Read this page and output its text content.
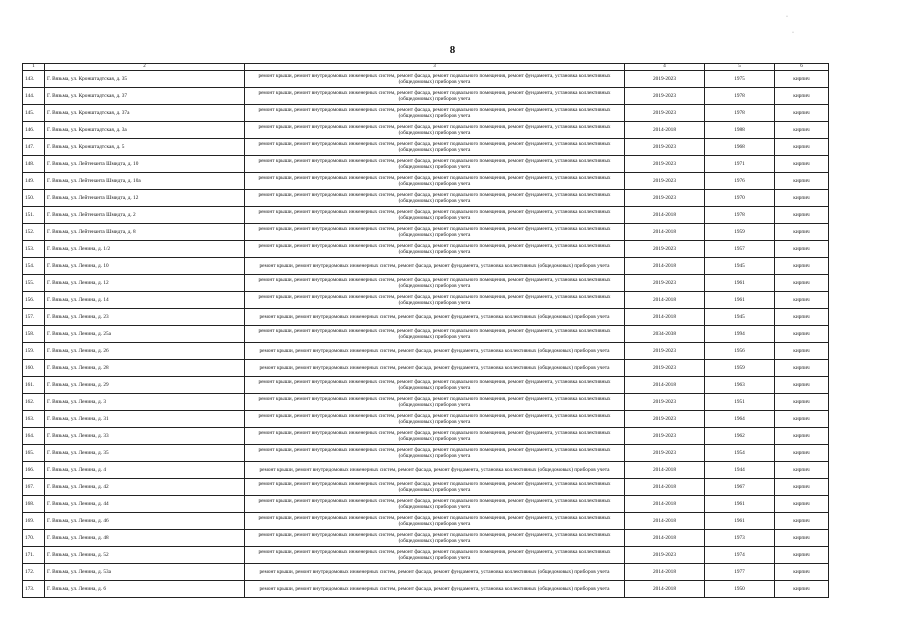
8
1	2	3	4	5	6
143.	Г. Вязьма, ул. Кронштадтская, д. 35	ремонт крыши, ремонт внутридомовых инженерных систем, ремонт фасада, ремонт подвального помещения, ремонт фундамента, установка коллективных (общедомовых) приборов учета	2019-2023	1975	кирпич
144.	Г. Вязьма, ул. Кронштадтская, д. 37	ремонт крыши, ремонт внутридомовых инженерных систем, ремонт фасада, ремонт подвального помещения, ремонт фундамента, установка коллективных (общедомовых) приборов учета	2019-2023	1978	кирпич
145.	Г. Вязьма, ул. Кронштадтская, д. 37а	ремонт крыши, ремонт внутридомовых инженерных систем, ремонт фасада, ремонт подвального помещения, ремонт фундамента, установка коллективных (общедомовых) приборов учета	2019-2023	1978	кирпич
146.	Г. Вязьма, ул. Кронштадтская, д. 3а	ремонт крыши, ремонт внутридомовых инженерных систем, ремонт фасада, ремонт подвального помещения, ремонт фундамента, установка коллективных (общедомовых) приборов учета	2014-2018	1988	кирпич
147.	Г. Вязьма, ул. Кронштадтская, д. 5	ремонт крыши, ремонт внутридомовых инженерных систем, ремонт фасада, ремонт подвального помещения, ремонт фундамента, установка коллективных (общедомовых) приборов учета	2019-2023	1968	кирпич
148.	Г. Вязьма, ул. Лейтенанта Шмидта, д. 10	ремонт крыши, ремонт внутридомовых инженерных систем, ремонт фасада, ремонт подвального помещения, ремонт фундамента, установка коллективных (общедомовых) приборов учета	2019-2023	1971	кирпич
149.	Г. Вязьма, ул. Лейтенанта Шмидта, д. 10а	ремонт крыши, ремонт внутридомовых инженерных систем, ремонт фасада, ремонт подвального помещения, ремонт фундамента, установка коллективных (общедомовых) приборов учета	2019-2023	1976	кирпич
150.	Г. Вязьма, ул. Лейтенанта Шмидта, д. 12	ремонт крыши, ремонт внутридомовых инженерных систем, ремонт фасада, ремонт подвального помещения, ремонт фундамента, установка коллективных (общедомовых) приборов учета	2019-2023	1970	кирпич
151.	Г. Вязьма, ул. Лейтенанта Шмидта, д. 2	ремонт крыши, ремонт внутридомовых инженерных систем, ремонт фасада, ремонт подвального помещения, ремонт фундамента, установка коллективных (общедомовых) приборов учета	2014-2018	1978	кирпич
152.	Г. Вязьма, ул. Лейтенанта Шмидта, д. 8	ремонт крыши, ремонт внутридомовых инженерных систем, ремонт фасада, ремонт подвального помещения, ремонт фундамента, установка коллективных (общедомовых) приборов учета	2014-2018	1959	кирпич
153.	Г. Вязьма, ул. Ленина, д. 1/2	ремонт крыши, ремонт внутридомовых инженерных систем, ремонт фасада, ремонт подвального помещения, ремонт фундамента, установка коллективных (общедомовых) приборов учета	2019-2023	1957	кирпич
154.	Г. Вязьма, ул. Ленина, д. 10	ремонт крыши, ремонт внутридомовых инженерных систем, ремонт фасада, ремонт фундамента, установка коллективных (общедомовых) приборов учета	2014-2018	1945	кирпич
155.	Г. Вязьма, ул. Ленина, д. 12	ремонт крыши, ремонт внутридомовых инженерных систем, ремонт фасада, ремонт подвального помещения, ремонт фундамента, установка коллективных (общедомовых) приборов учета	2019-2023	1961	кирпич
156.	Г. Вязьма, ул. Ленина, д. 14	ремонт крыши, ремонт внутридомовых инженерных систем, ремонт фасада, ремонт подвального помещения, ремонт фундамента, установка коллективных (общедомовых) приборов учета	2014-2018	1961	кирпич
157.	Г. Вязьма, ул. Ленина, д. 23	ремонт крыши, ремонт внутридомовых инженерных систем, ремонт фасада, ремонт фундамента, установка коллективных (общедомовых) приборов учета	2014-2018	1945	кирпич
158.	Г. Вязьма, ул. Ленина, д. 25а	ремонт крыши, ремонт внутридомовых инженерных систем, ремонт фасада, ремонт подвального помещения, ремонт фундамента, установка коллективных (общедомовых) приборов учета	2034-2038	1994	кирпич
159.	Г. Вязьма, ул. Ленина, д. 26	ремонт крыши, ремонт внутридомовых инженерных систем, ремонт фасада, ремонт фундамента, установка коллективных (общедомовых) приборов учета	2019-2023	1956	кирпич
160.	Г. Вязьма, ул. Ленина, д. 28	ремонт крыши, ремонт внутридомовых инженерных систем, ремонт фасада, ремонт фундамента, установка коллективных (общедомовых) приборов учета	2019-2023	1959	кирпич
161.	Г. Вязьма, ул. Ленина, д. 29	ремонт крыши, ремонт внутридомовых инженерных систем, ремонт фасада, ремонт подвального помещения, ремонт фундамента, установка коллективных (общедомовых) приборов учета	2014-2018	1963	кирпич
162.	Г. Вязьма, ул. Ленина, д. 3	ремонт крыши, ремонт внутридомовых инженерных систем, ремонт фасада, ремонт подвального помещения, ремонт фундамента, установка коллективных (общедомовых) приборов учета	2019-2023	1951	кирпич
163.	Г. Вязьма, ул. Ленина, д. 31	ремонт крыши, ремонт внутридомовых инженерных систем, ремонт фасада, ремонт подвального помещения, ремонт фундамента, установка коллективных (общедомовых) приборов учета	2019-2023	1964	кирпич
164.	Г. Вязьма, ул. Ленина, д. 33	ремонт крыши, ремонт внутридомовых инженерных систем, ремонт фасада, ремонт подвального помещения, ремонт фундамента, установка коллективных (общедомовых) приборов учета	2019-2023	1962	кирпич
165.	Г. Вязьма, ул. Ленина, д. 35	ремонт крыши, ремонт внутридомовых инженерных систем, ремонт фасада, ремонт подвального помещения, ремонт фундамента, установка коллективных (общедомовых) приборов учета	2019-2023	1954	кирпич
166.	Г. Вязьма, ул. Ленина, д. 4	ремонт крыши, ремонт внутридомовых инженерных систем, ремонт фасада, ремонт фундамента, установка коллективных (общедомовых) приборов учета	2014-2018	1944	кирпич
167.	Г. Вязьма, ул. Ленина, д. 42	ремонт крыши, ремонт внутридомовых инженерных систем, ремонт фасада, ремонт подвального помещения, ремонт фундамента, установка коллективных (общедомовых) приборов учета	2014-2018	1967	кирпич
168.	Г. Вязьма, ул. Ленина, д. 44	ремонт крыши, ремонт внутридомовых инженерных систем, ремонт фасада, ремонт подвального помещения, ремонт фундамента, установка коллективных (общедомовых) приборов учета	2014-2018	1961	кирпич
169.	Г. Вязьма, ул. Ленина, д. 46	ремонт крыши, ремонт внутридомовых инженерных систем, ремонт фасада, ремонт подвального помещения, ремонт фундамента, установка коллективных (общедомовых) приборов учета	2014-2018	1961	кирпич
170.	Г. Вязьма, ул. Ленина, д. 48	ремонт крыши, ремонт внутридомовых инженерных систем, ремонт фасада, ремонт подвального помещения, ремонт фундамента, установка коллективных (общедомовых) приборов учета	2014-2018	1973	кирпич
171.	Г. Вязьма, ул. Ленина, д. 52	ремонт крыши, ремонт внутридомовых инженерных систем, ремонт фасада, ремонт подвального помещения, ремонт фундамента, установка коллективных (общедомовых) приборов учета	2019-2023	1974	кирпич
172.	Г. Вязьма, ул. Ленина, д. 53а	ремонт крыши, ремонт внутридомовых инженерных систем, ремонт фасада, ремонт фундамента, установка коллективных (общедомовых) приборов учета	2014-2018	1977	кирпич
173.	Г. Вязьма, ул. Ленина, д. 6	ремонт крыши, ремонт внутридомовых инженерных систем, ремонт фасада, ремонт фундамента, установка коллективных (общедомовых) приборов учета	2014-2018	1950	кирпич
·
·
